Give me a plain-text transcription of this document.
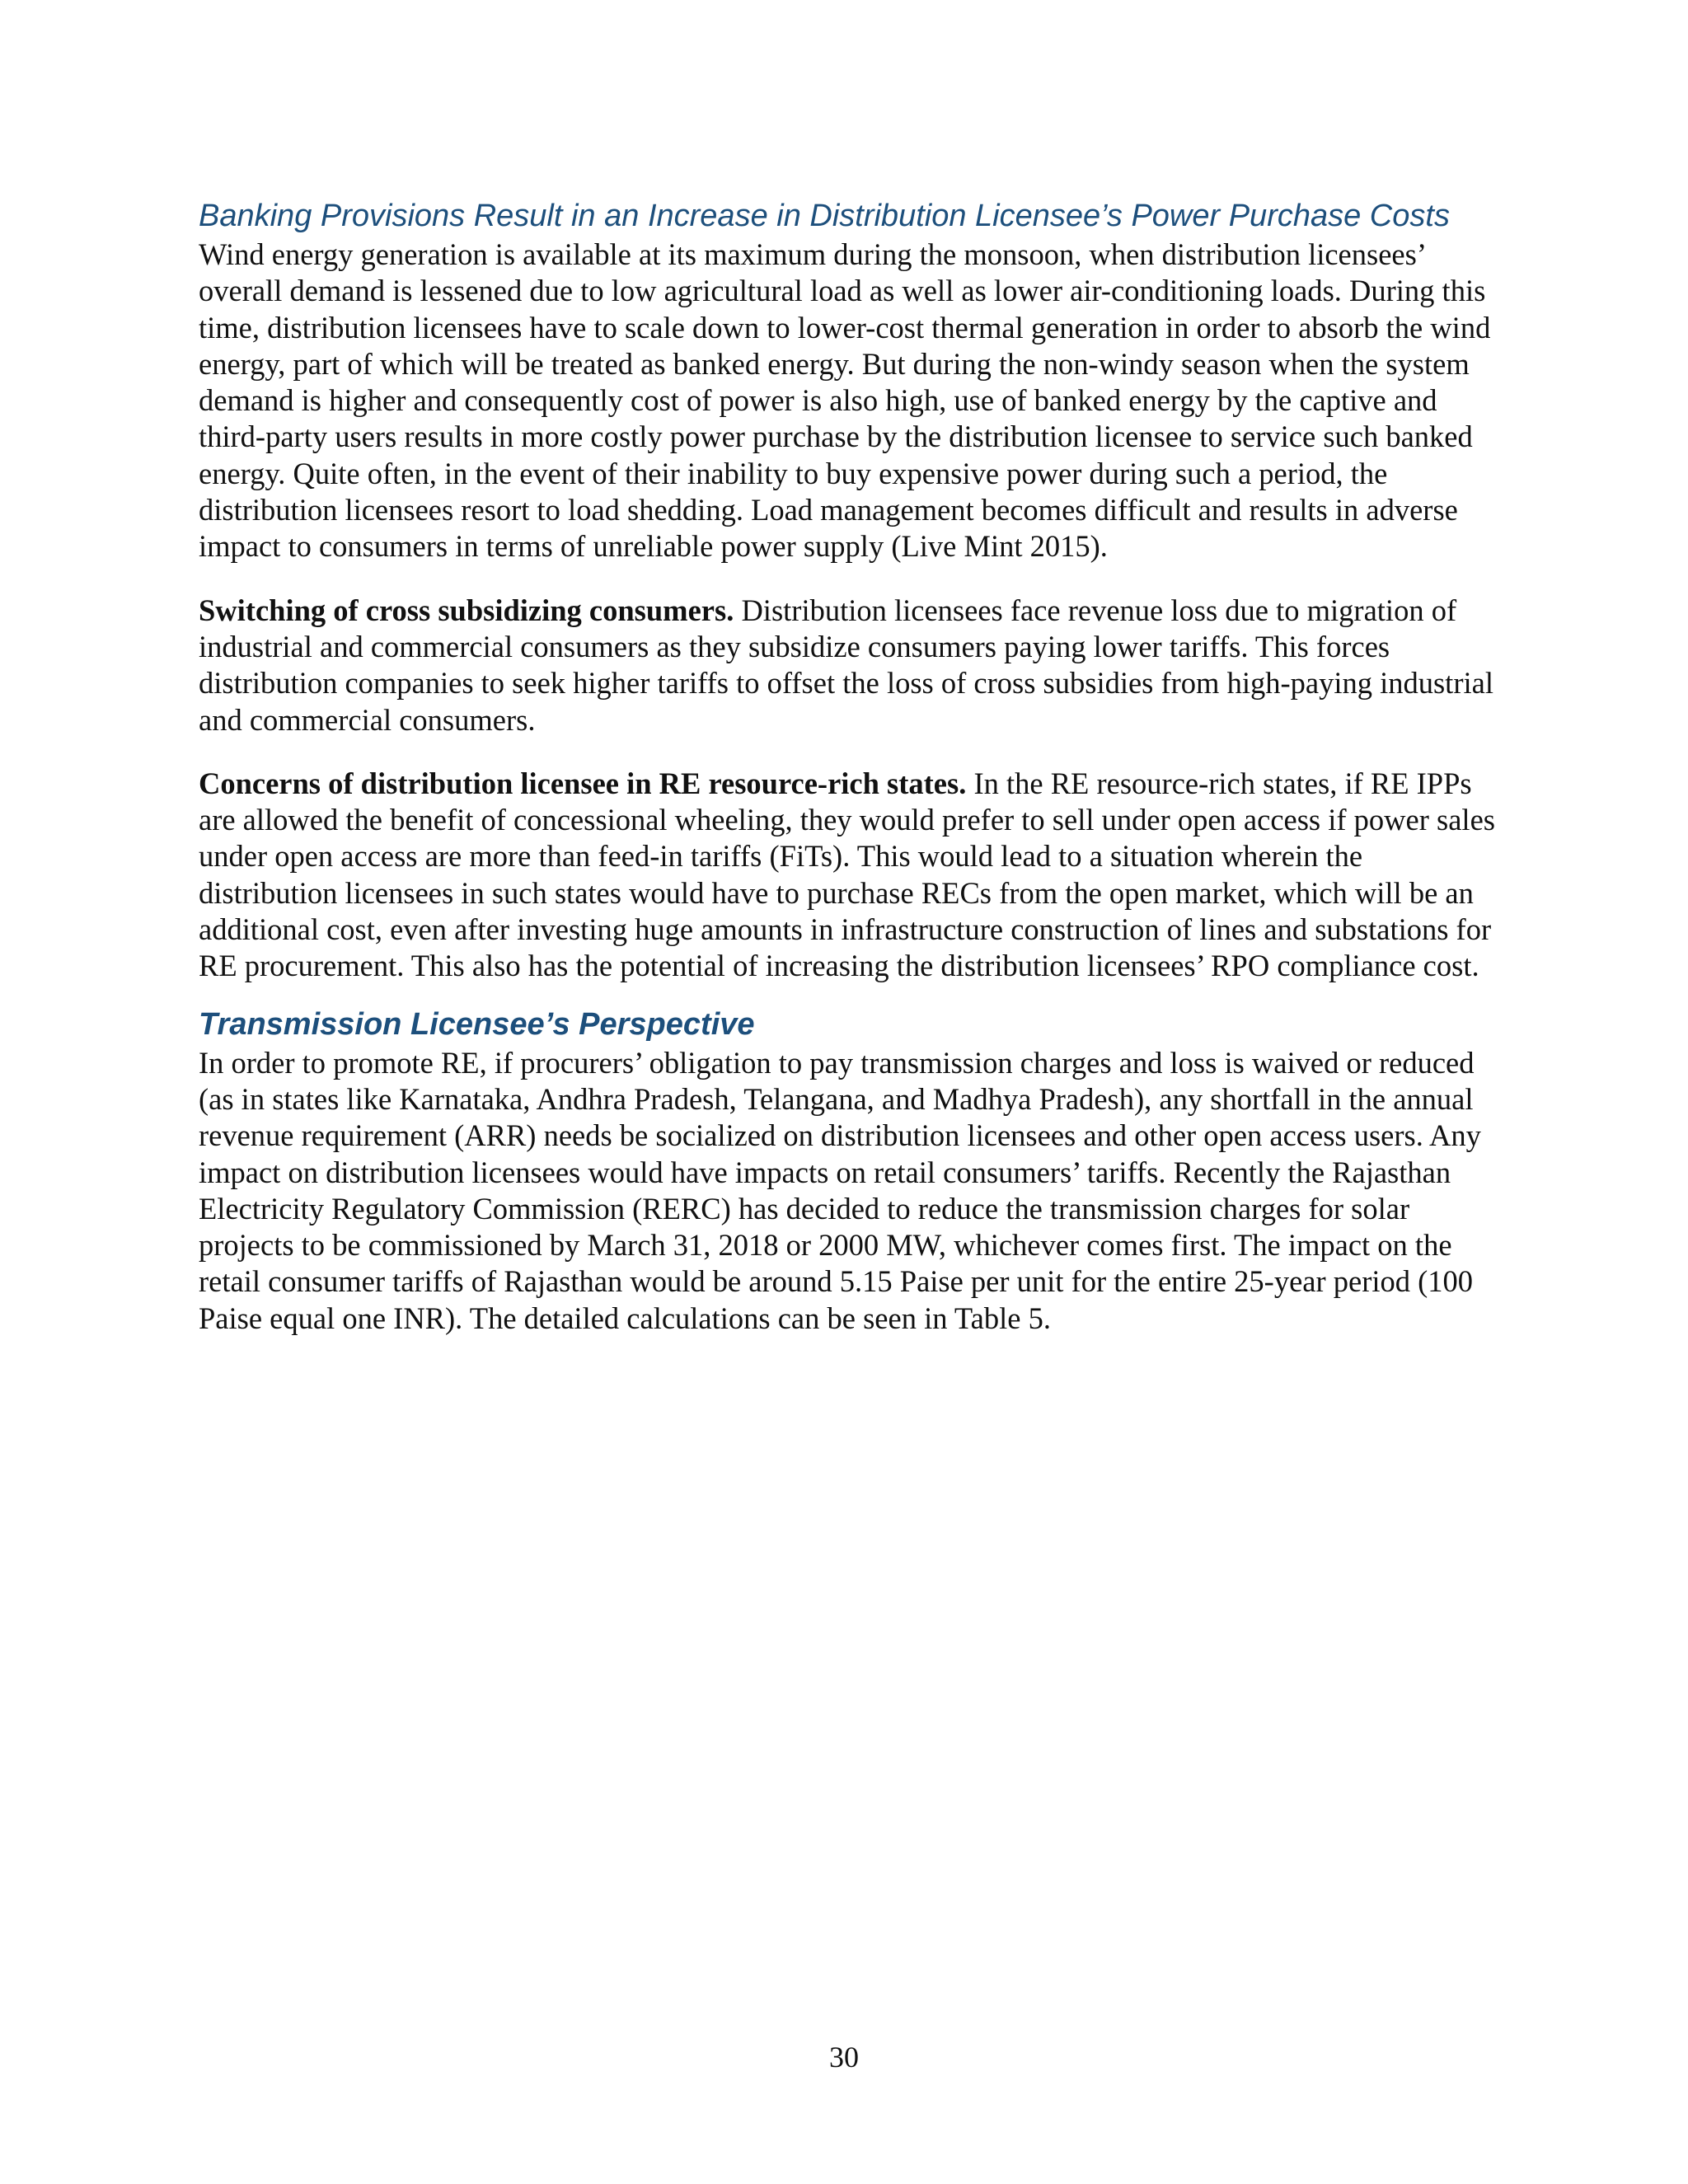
Banking Provisions Result in an Increase in Distribution Licensee’s Power Purchase Costs

Wind energy generation is available at its maximum during the monsoon, when distribution licensees’ overall demand is lessened due to low agricultural load as well as lower air-conditioning loads. During this time, distribution licensees have to scale down to lower-cost thermal generation in order to absorb the wind energy, part of which will be treated as banked energy. But during the non-windy season when the system demand is higher and consequently cost of power is also high, use of banked energy by the captive and third-party users results in more costly power purchase by the distribution licensee to service such banked energy. Quite often, in the event of their inability to buy expensive power during such a period, the distribution licensees resort to load shedding. Load management becomes difficult and results in adverse impact to consumers in terms of unreliable power supply (Live Mint 2015).

Switching of cross subsidizing consumers. Distribution licensees face revenue loss due to migration of industrial and commercial consumers as they subsidize consumers paying lower tariffs. This forces distribution companies to seek higher tariffs to offset the loss of cross subsidies from high-paying industrial and commercial consumers.

Concerns of distribution licensee in RE resource-rich states. In the RE resource-rich states, if RE IPPs are allowed the benefit of concessional wheeling, they would prefer to sell under open access if power sales under open access are more than feed-in tariffs (FiTs). This would lead to a situation wherein the distribution licensees in such states would have to purchase RECs from the open market, which will be an additional cost, even after investing huge amounts in infrastructure construction of lines and substations for RE procurement. This also has the potential of increasing the distribution licensees’ RPO compliance cost.

Transmission Licensee’s Perspective

In order to promote RE, if procurers’ obligation to pay transmission charges and loss is waived or reduced (as in states like Karnataka, Andhra Pradesh, Telangana, and Madhya Pradesh), any shortfall in the annual revenue requirement (ARR) needs be socialized on distribution licensees and other open access users. Any impact on distribution licensees would have impacts on retail consumers’ tariffs. Recently the Rajasthan Electricity Regulatory Commission (RERC) has decided to reduce the transmission charges for solar projects to be commissioned by March 31, 2018 or 2000 MW, whichever comes first. The impact on the retail consumer tariffs of Rajasthan would be around 5.15 Paise per unit for the entire 25-year period (100 Paise equal one INR). The detailed calculations can be seen in Table 5.

30
